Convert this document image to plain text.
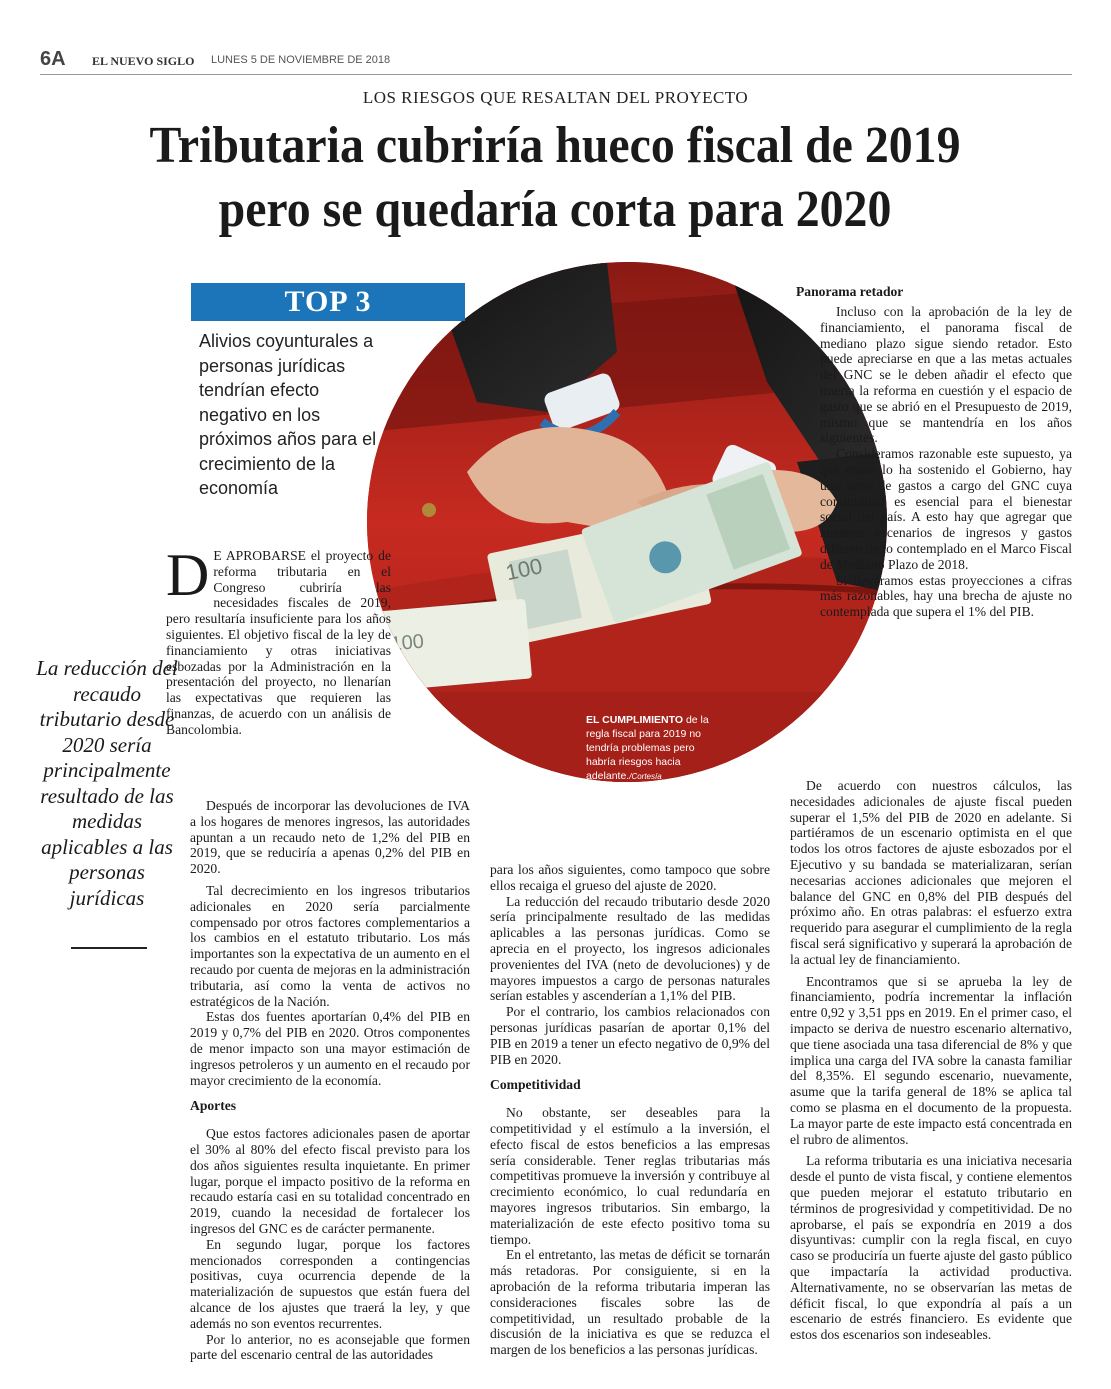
6A EL NUEVO SIGLO LUNES 5 DE NOVIEMBRE DE 2018
LOS RIESGOS QUE RESALTAN DEL PROYECTO
Tributaria cubriría hueco fiscal de 2019
pero se quedaría corta para 2020
100
100
EL CUMPLIMIENTO de la regla fiscal para 2019 no tendría problemas pero habría riesgos hacia adelante./Cortesía
TOP 3
Alivios coyunturales a personas jurídicas tendrían efecto negativo en los próximos años para el crecimiento de la economía
La reducción del recaudo tributario desde 2020 sería principalmente resultado de las medidas aplicables a las personas jurídicas

D E APROBARSE el proyecto de reforma tributaria en el Congreso cubriría las necesidades fiscales de 2019, pero resultaría insuficiente para los años siguientes. El objetivo fiscal de la ley de financiamiento y otras iniciativas esbozadas por la Administración en la presentación del proyecto, no llenarían las expectativas que requieren las finanzas, de acuerdo con un análisis de Bancolombia.

Después de incorporar las devoluciones de IVA a los hogares de menores ingresos, las autoridades apuntan a un recaudo neto de 1,2% del PIB en 2019, que se reduciría a apenas 0,2% del PIB en 2020.

Tal decrecimiento en los ingresos tributarios adicionales en 2020 sería parcialmente compensado por otros factores complementarios a los cambios en el estatuto tributario. Los más importantes son la expectativa de un aumento en el recaudo por cuenta de mejoras en la administración tributaria, así como la venta de activos no estratégicos de la Nación.

Estas dos fuentes aportarían 0,4% del PIB en 2019 y 0,7% del PIB en 2020. Otros componentes de menor impacto son una mayor estimación de ingresos petroleros y un aumento en el recaudo por mayor crecimiento de la economía.

Aportes

Que estos factores adicionales pasen de aportar el 30% al 80% del efecto fiscal previsto para los dos años siguientes resulta inquietante. En primer lugar, porque el impacto positivo de la reforma en recaudo estaría casi en su totalidad concentrado en 2019, cuando la necesidad de fortalecer los ingresos del GNC es de carácter permanente.

En segundo lugar, porque los factores mencionados corresponden a contingencias positivas, cuya ocurrencia depende de la materialización de supuestos que están fuera del alcance de los ajustes que traerá la ley, y que además no son eventos recurrentes.

Por lo anterior, no es aconsejable que formen parte del escenario central de las autoridades

para los años siguientes, como tampoco que sobre ellos recaiga el grueso del ajuste de 2020.

La reducción del recaudo tributario desde 2020 sería principalmente resultado de las medidas aplicables a las personas jurídicas. Como se aprecia en el proyecto, los ingresos adicionales provenientes del IVA (neto de devoluciones) y de mayores impuestos a cargo de personas naturales serían estables y ascenderían a 1,1% del PIB.

Por el contrario, los cambios relacionados con personas jurídicas pasarían de aportar 0,1% del PIB en 2019 a tener un efecto negativo de 0,9% del PIB en 2020.

Competitividad

No obstante, ser deseables para la competitividad y el estímulo a la inversión, el efecto fiscal de estos beneficios a las empresas sería considerable. Tener reglas tributarias más competitivas promueve la inversión y contribuye al crecimiento económico, lo cual redundaría en mayores ingresos tributarios. Sin embargo, la materialización de este efecto positivo toma su tiempo.

En el entretanto, las metas de déficit se tornarán más retadoras. Por consiguiente, si en la aprobación de la reforma tributaria imperan las consideraciones fiscales sobre las de competitividad, un resultado probable de la discusión de la iniciativa es que se reduzca el margen de los beneficios a las personas jurídicas.

Panorama retador

Incluso con la aprobación de la ley de financiamiento, el panorama fiscal de mediano plazo sigue siendo retador. Esto puede apreciarse en que a las metas actuales del GNC se le deben añadir el efecto que traería la reforma en cuestión y el espacio de gasto que se abrió en el Presupuesto de 2019, mismo que se mantendría en los años siguientes.

Consideramos razonable este supuesto, ya que como lo ha sostenido el Gobierno, hay una serie de gastos a cargo del GNC cuya continuidad es esencial para el bienestar social del país. A esto hay que agregar que nuestros escenarios de ingresos y gastos difieren de lo contemplado en el Marco Fiscal de Mediano Plazo de 2018.

Si lleváramos estas proyecciones a cifras más razonables, hay una brecha de ajuste no contemplada que supera el 1% del PIB.

De acuerdo con nuestros cálculos, las necesidades adicionales de ajuste fiscal pueden superar el 1,5% del PIB de 2020 en adelante. Si partiéramos de un escenario optimista en el que todos los otros factores de ajuste esbozados por el Ejecutivo y su bandada se materializaran, serían necesarias acciones adicionales que mejoren el balance del GNC en 0,8% del PIB después del próximo año. En otras palabras: el esfuerzo extra requerido para asegurar el cumplimiento de la regla fiscal será significativo y superará la aprobación de la actual ley de financiamiento.

Encontramos que si se aprueba la ley de financiamiento, podría incrementar la inflación entre 0,92 y 3,51 pps en 2019. En el primer caso, el impacto se deriva de nuestro escenario alternativo, que tiene asociada una tasa diferencial de 8% y que implica una carga del IVA sobre la canasta familiar del 8,35%. El segundo escenario, nuevamente, asume que la tarifa general de 18% se aplica tal como se plasma en el documento de la propuesta. La mayor parte de este impacto está concentrada en el rubro de alimentos.

La reforma tributaria es una iniciativa necesaria desde el punto de vista fiscal, y contiene elementos que pueden mejorar el estatuto tributario en términos de progresividad y competitividad. De no aprobarse, el país se expondría en 2019 a dos disyuntivas: cumplir con la regla fiscal, en cuyo caso se produciría un fuerte ajuste del gasto público que impactaría la actividad productiva. Alternativamente, no se observarían las metas de déficit fiscal, lo que expondría al país a un escenario de estrés financiero. Es evidente que estos dos escenarios son indeseables.
